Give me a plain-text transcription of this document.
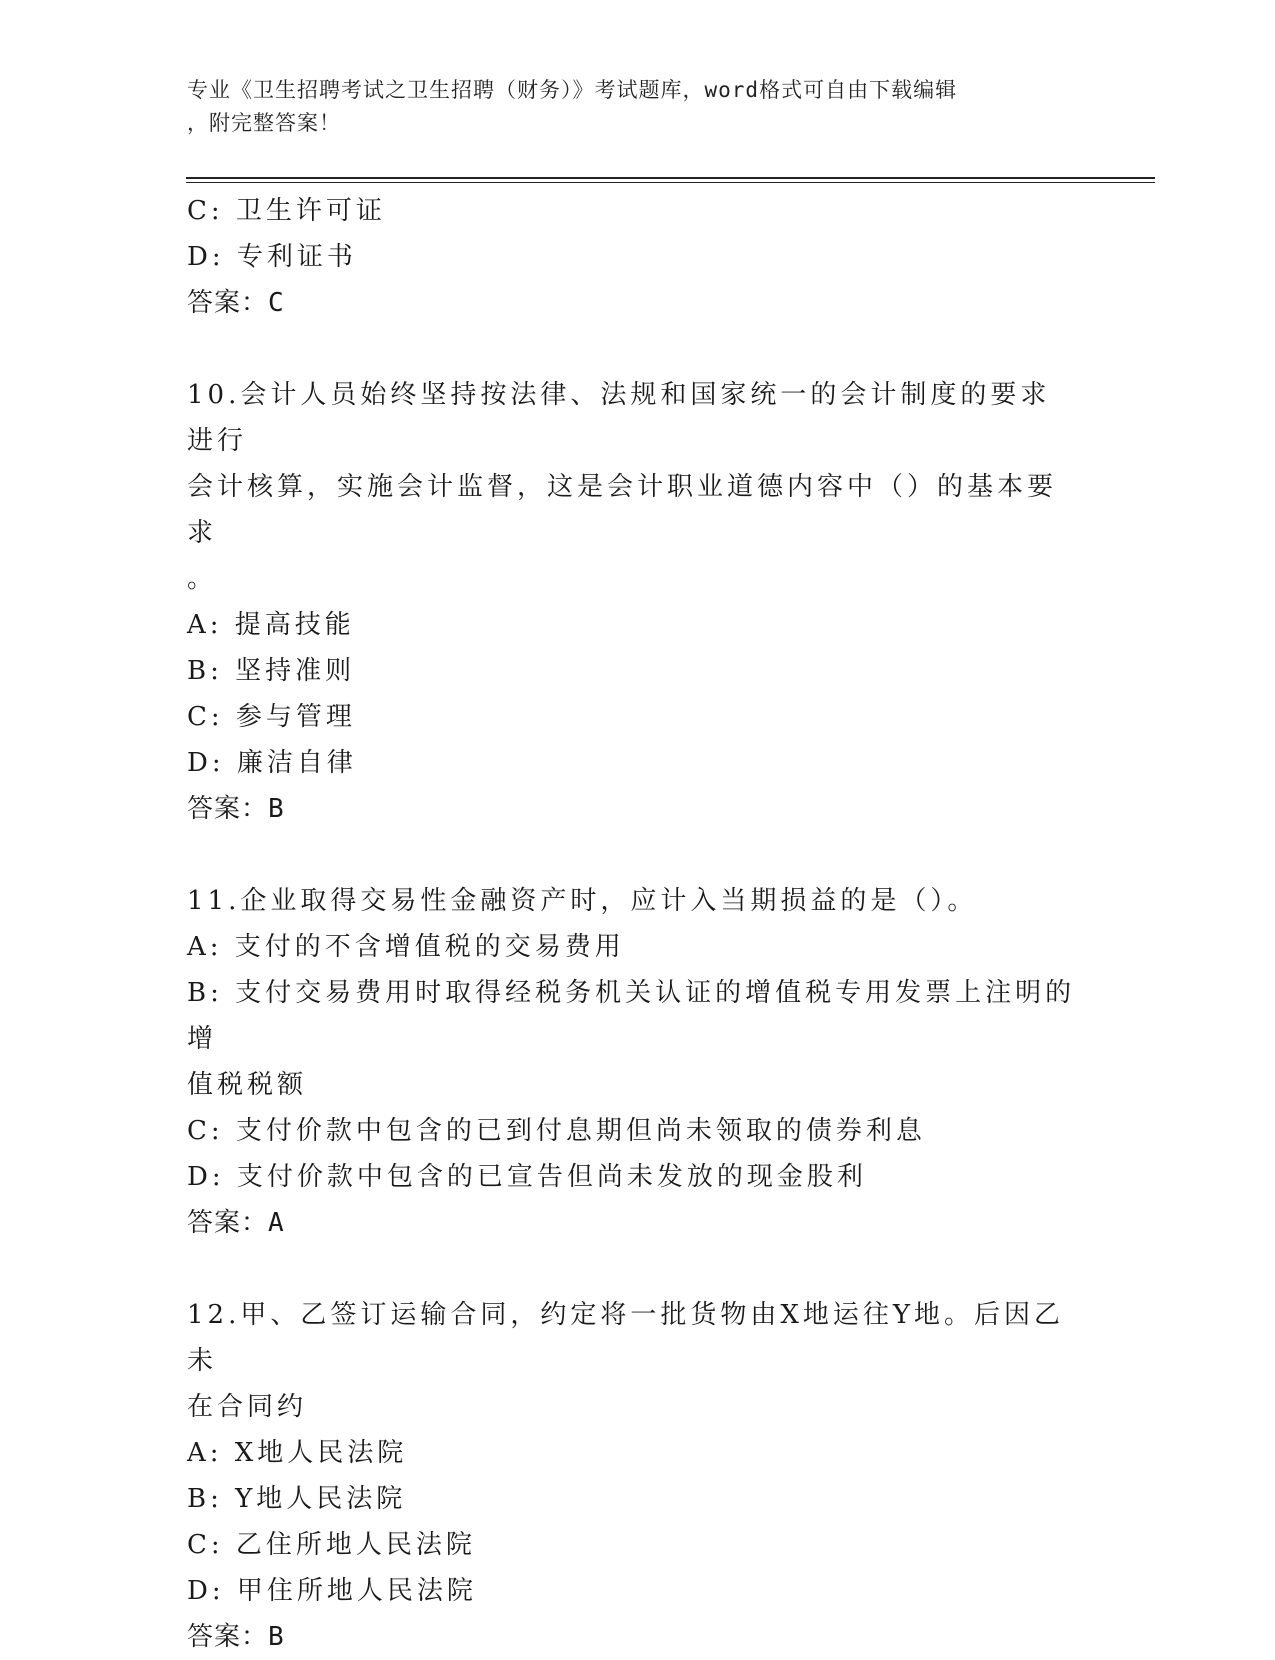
专业《卫生招聘考试之卫生招聘（财务）》考试题库，word格式可自由下载编辑
，附完整答案！
C: 卫生许可证
D: 专利证书
答案：C
10.会计人员始终坚持按法律、法规和国家统一的会计制度的要求进行
会计核算，实施会计监督，这是会计职业道德内容中（）的基本要求
。
A: 提高技能
B: 坚持准则
C: 参与管理
D: 廉洁自律
答案：B
11.企业取得交易性金融资产时，应计入当期损益的是（）。
A: 支付的不含增值税的交易费用
B: 支付交易费用时取得经税务机关认证的增值税专用发票上注明的增
值税税额
C: 支付价款中包含的已到付息期但尚未领取的债券利息
D: 支付价款中包含的已宣告但尚未发放的现金股利
答案：A
12.甲、乙签订运输合同，约定将一批货物由X地运往Y地。后因乙未
在合同约
A: X地人民法院
B: Y地人民法院
C: 乙住所地人民法院
D: 甲住所地人民法院
答案：B
